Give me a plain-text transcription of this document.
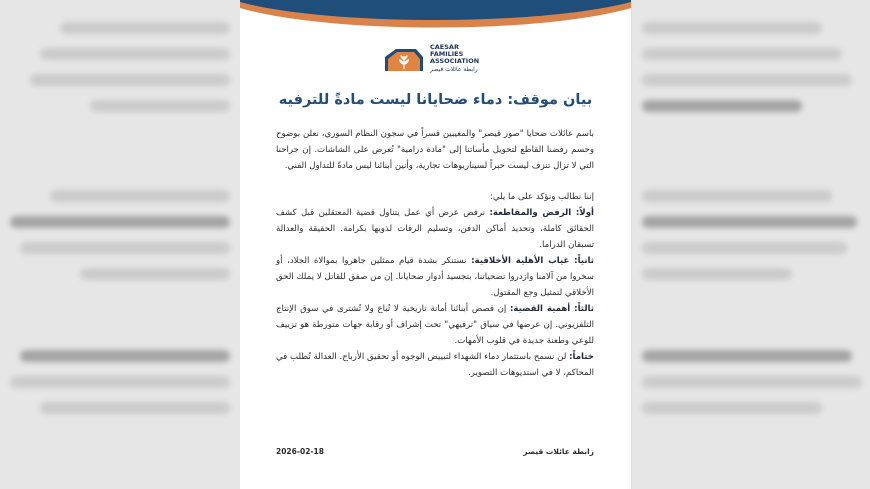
CAESAR
FAMILIES
ASSOCIATION
رابطة عائلات قيصر
بيان موقف: دماء ضحايانا ليست مادةً للترفيه

باسم عائلات ضحايا "صور قيصر" والمغيبين قسراً في سجون النظام السوري، نعلن بوضوح وحسم رفضنا القاطع لتحويل مأساتنا إلى "مادة درامية" تُعرض على الشاشات. إن جراحنا التي لا تزال تنزف ليست حبراً لسيناريوهات تجارية، وأنين أبنائنا ليس مادةً للتداول الفني.

إننا نطالب ونؤكد على ما يلي:

أولاً: الرفض والمقاطعة: نرفض عرض أي عمل يتناول قضية المعتقلين قبل كشف الحقائق كاملة، وتحديد أماكن الدفن، وتسليم الرفات لذويها بكرامة. الحقيقة والعدالة تسبقان الدراما.

ثانياً: غياب الأهلية الأخلاقية: نستنكر بشدة قيام ممثلين جاهروا بموالاة الجلاد، أو سخروا من آلامنا وازدروا تضحياتنا، بتجسيد أدوار ضحايانا. إن من صفق للقاتل لا يملك الحق الأخلاقي لتمثيل وجع المقتول.

ثالثاً: أهمية القضية: إن قصص أبنائنا أمانة تاريخية لا تُباع ولا تُشترى في سوق الإنتاج التلفزيوني. إن عرضها في سياق "ترفيهي" تحت إشراف أو رقابة جهات متورطة هو تزييف للوعي وطعنة جديدة في قلوب الأمهات.

ختاماً: لن نسمح باستثمار دماء الشهداء لتبييض الوجوه أو تحقيق الأرباح. العدالة تُطلب في المحاكم، لا في استديوهات التصوير.

رابطة عائلات قيصر
2026-02-18
